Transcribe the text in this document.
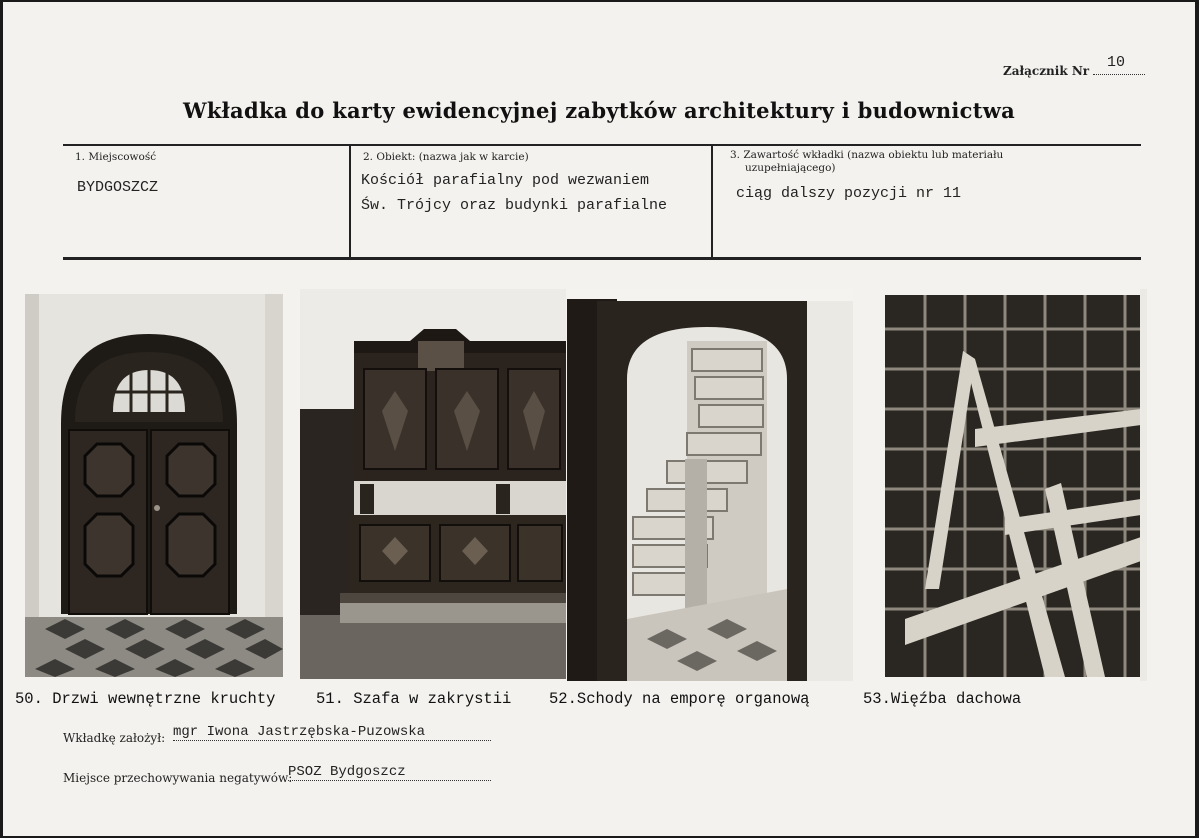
Załącznik Nr 10
Wkładka do karty ewidencyjnej zabytków architektury i budownictwa
1. Miejscowość
BYDGOSZCZ
2. Obiekt: (nazwa jak w karcie)
Kościół parafialny pod wezwaniem
Św. Trójcy oraz budynki parafialne
3. Zawartość wkładki (nazwa obiektu lub materiału
uzupełniającego)
ciąg dalszy pozycji nr 11
50. Drzwi wewnętrzne kruchty	51. Szafa w zakrystii 52.Schody na emporę organową	53.Więźba dachowa
Wkładkę założył: mgr Iwona Jastrzębska-Puzowska
Miejsce przechowywania negatywów:
PSOZ Bydgoszcz
